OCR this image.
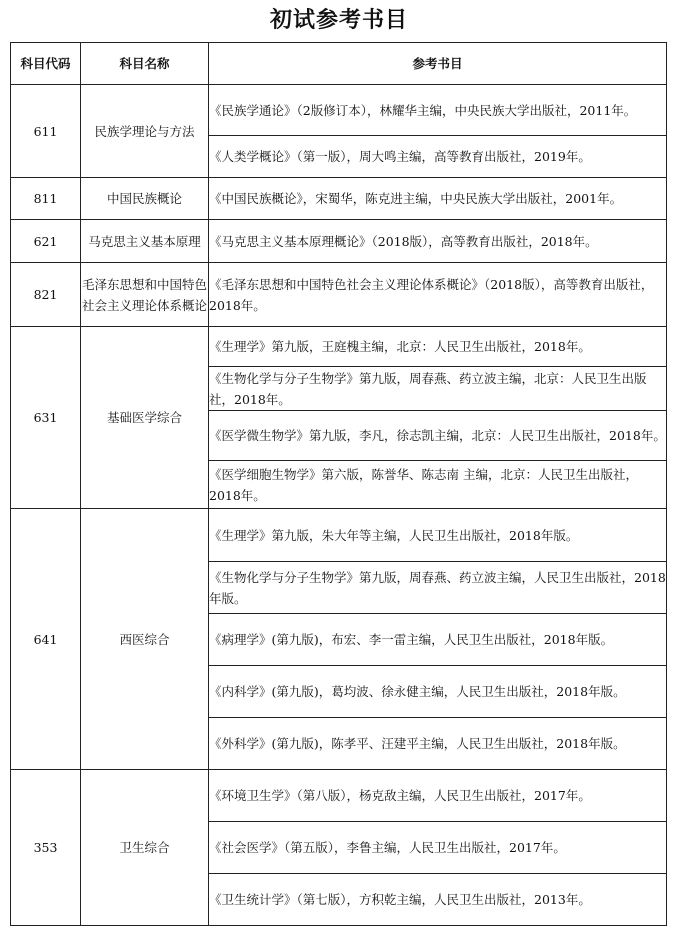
初试参考书目
科目代码	科目名称	参考书目
611	民族学理论与方法	《民族学通论》（2版修订本），林耀华主编，中央民族大学出版社，2011年。
		《人类学概论》（第一版），周大鸣主编，高等教育出版社，2019年。
811	中国民族概论	《中国民族概论》，宋蜀华，陈克进主编，中央民族大学出版社，2001年。
621	马克思主义基本原理	《马克思主义基本原理概论》（2018版），高等教育出版社，2018年。
821	毛泽东思想和中国特色社会主义理论体系概论	《毛泽东思想和中国特色社会主义理论体系概论》（2018版），高等教育出版社，2018年。
631	基础医学综合	《生理学》第九版，王庭槐主编，北京：人民卫生出版社，2018年。
		《生物化学与分子生物学》第九版，周春燕、药立波主编，北京：人民卫生出版社，2018年。
		《医学微生物学》第九版，李凡，徐志凯主编，北京：人民卫生出版社，2018年。
		《医学细胞生物学》第六版，陈誉华、陈志南 主编，北京：人民卫生出版社，2018年。
641	西医综合	《生理学》第九版，朱大年等主编，人民卫生出版社，2018年版。
		《生物化学与分子生物学》第九版，周春燕、药立波主编，人民卫生出版社，2018年版。
		《病理学》(第九版)，布宏、李一雷主编，人民卫生出版社，2018年版。
		《内科学》(第九版)，葛均波、徐永健主编，人民卫生出版社，2018年版。
		《外科学》(第九版)，陈孝平、汪建平主编，人民卫生出版社，2018年版。
353	卫生综合	《环境卫生学》（第八版），杨克敌主编，人民卫生出版社，2017年。
		《社会医学》（第五版），李鲁主编，人民卫生出版社，2017年。
		《卫生统计学》（第七版），方积乾主编，人民卫生出版社，2013年。
